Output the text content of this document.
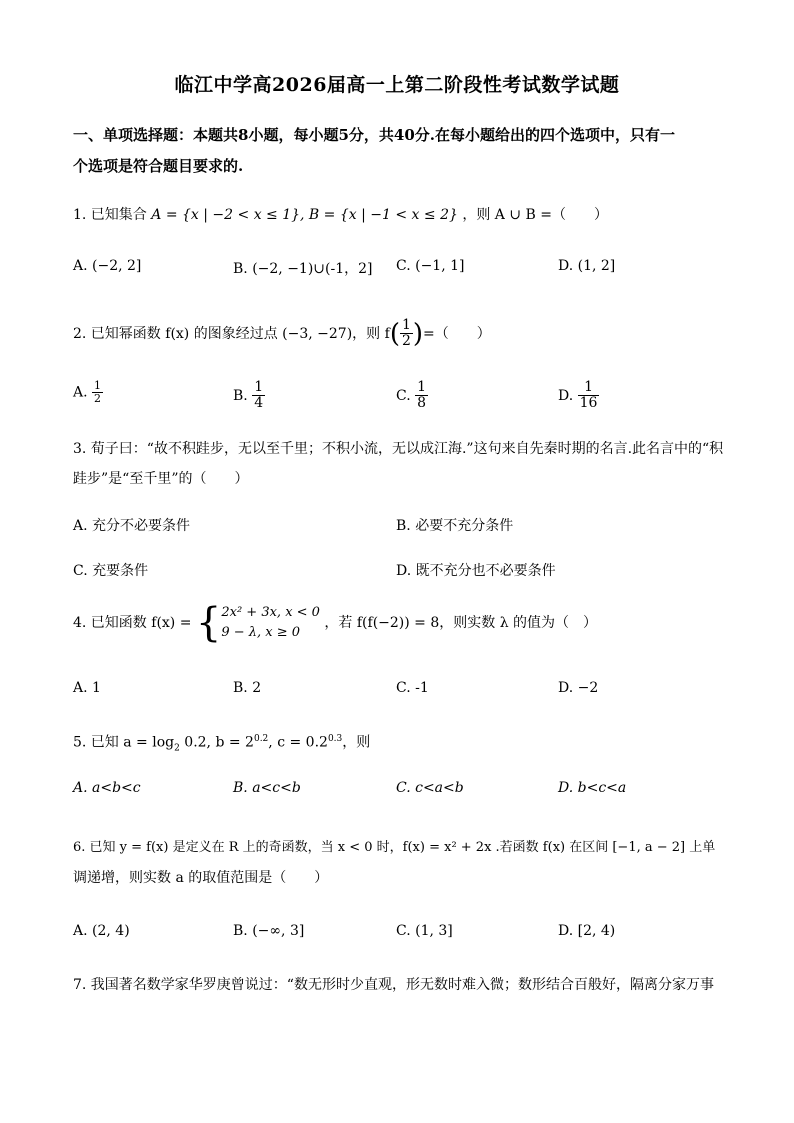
临江中学高2026届高一上第二阶段性考试数学试题
一、单项选择题：本题共8小题，每小题5分，共40分.在每小题给出的四个选项中，只有一
个选项是符合题目要求的.
1. 已知集合 A = {x | −2 < x ≤ 1}, B = {x | −1 < x ≤ 2} ，则 A ∪ B =（　　）
A. (−2, 2]	B. (−2, −1)∪(-1，2] C. (−1, 1]	D. (1, 2]
2. 已知幂函数 f(x) 的图象经过点 (−3, −27)，则 $f( \frac{1}{2}$ )=（　　）
A. $\frac{1}{2}$	B. $\frac{1}{4}$	C. $\frac{1}{8}$	D. $\frac{1}{16}$
3. 荀子曰：“故不积跬步，无以至千里；不积小流，无以成江海.”这句来自先秦时期的名言.此名言中的“积
跬步”是“至千里”的（　　）
A. 充分不必要条件	B. 必要不充分条件
C. 充要条件	D. 既不充分也不必要条件
4. 已知函数 f(x) = { 2x² + 3x, x < 0
9 − λ, x ≥ 0
，若 f(f(−2)) = 8，则实数 λ 的值为（　）
A. 1	B. 2	C. -1	D. −2
5. 已知 $a = \log_2 0.2$, $b = 2^{0.2}$, $c = 0.2^{0.3}$，则
A. a<b<c	B. a<c<b	C. c<a<b	D. b<c<a
6. 已知 y = f(x) 是定义在 R 上的奇函数，当 x < 0 时，f(x) = x² + 2x .若函数 f(x) 在区间 [−1, a − 2] 上单
调递增，则实数 a 的取值范围是（　　）
A. (2, 4)	B. (−∞, 3]	C. (1, 3]	D. [2, 4)
7. 我国著名数学家华罗庚曾说过：“数无形时少直观，形无数时难入微；数形结合百般好，隔离分家万事
